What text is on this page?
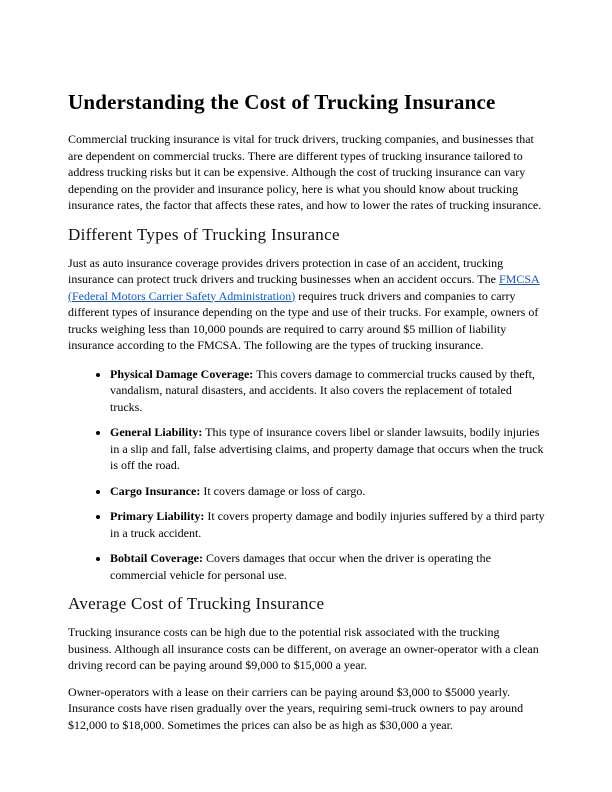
Understanding the Cost of Trucking Insurance

Commercial trucking insurance is vital for truck drivers, trucking companies, and businesses that are dependent on commercial trucks. There are different types of trucking insurance tailored to address trucking risks but it can be expensive. Although the cost of trucking insurance can vary depending on the provider and insurance policy, here is what you should know about trucking insurance rates, the factor that affects these rates, and how to lower the rates of trucking insurance.

Different Types of Trucking Insurance

Just as auto insurance coverage provides drivers protection in case of an accident, trucking insurance can protect truck drivers and trucking businesses when an accident occurs. The FMCSA (Federal Motors Carrier Safety Administration) requires truck drivers and companies to carry different types of insurance depending on the type and use of their trucks. For example, owners of trucks weighing less than 10,000 pounds are required to carry around $5 million of liability insurance according to the FMCSA. The following are the types of trucking insurance.

• Physical Damage Coverage: This covers damage to commercial trucks caused by theft, vandalism, natural disasters, and accidents. It also covers the replacement of totaled trucks.
• General Liability: This type of insurance covers libel or slander lawsuits, bodily injuries in a slip and fall, false advertising claims, and property damage that occurs when the truck is off the road.
• Cargo Insurance: It covers damage or loss of cargo.
• Primary Liability: It covers property damage and bodily injuries suffered by a third party in a truck accident.
• Bobtail Coverage: Covers damages that occur when the driver is operating the commercial vehicle for personal use.
Average Cost of Trucking Insurance

Trucking insurance costs can be high due to the potential risk associated with the trucking business. Although all insurance costs can be different, on average an owner-operator with a clean driving record can be paying around $9,000 to $15,000 a year.

Owner-operators with a lease on their carriers can be paying around $3,000 to $5000 yearly. Insurance costs have risen gradually over the years, requiring semi-truck owners to pay around $12,000 to $18,000. Sometimes the prices can also be as high as $30,000 a year.
